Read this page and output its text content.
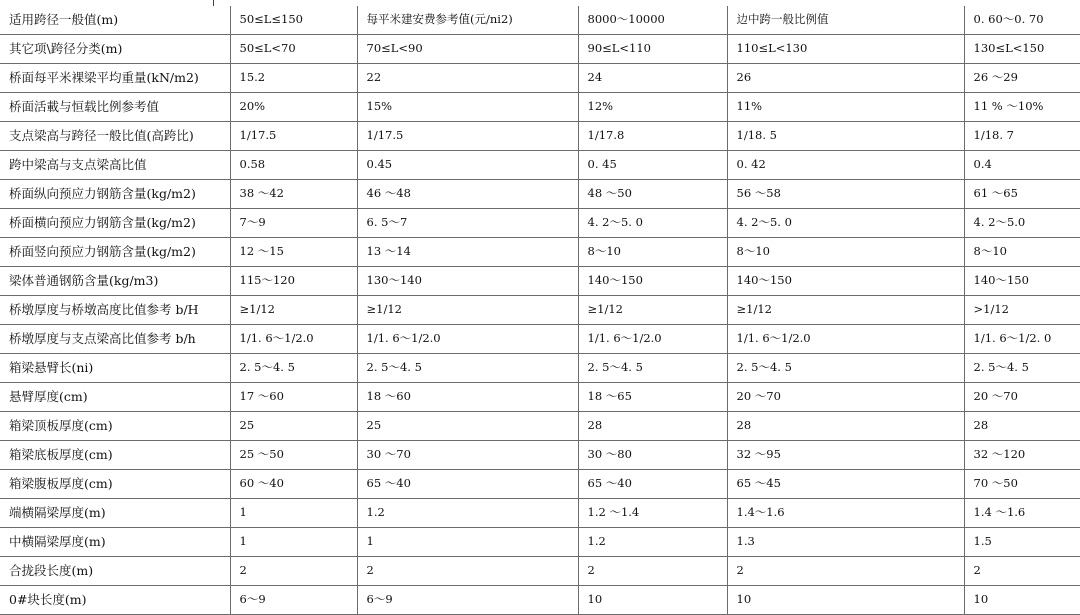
适用跨径一般值(m)	50≤L≤150	每平米建安费参考值(元/ni2)	8000～10000	边中跨一般比例值	0. 60～0. 70
其它项\跨径分类(m)	50≤L<70	70≤L<90	90≤L<110	110≤L<130	130≤L<150
桥面每平米裸梁平均重量(kN/m2)	15.2	22	24	26	26 ～29
桥面活載与恒载比例参考值	20%	15%	12%	11%	11 % ～10%
支点梁高与跨径一般比值(高跨比)	1/17.5	1/17.5	1/17.8	1/18. 5	1/18. 7
跨中梁高与支点梁高比值	0.58	0.45	0. 45	0. 42	0.4
桥面纵向预应力钢筋含量(kg/m2)	38 ～42	46 ～48	48 ～50	56 ～58	61 ～65
桥面横向预应力钢筋含量(kg/m2)	7～9	6. 5～7	4. 2～5. 0	4. 2～5. 0	4. 2～5.0
桥面竖向预应力钢筋含量(kg/m2)	12 ～15	13 ～14	8～10	8～10	8～10
梁体普通钢筋含量(kg/m3)	115～120	130～140	140～150	140～150	140～150
桥墩厚度与桥墩高度比值参考 b/H	≥1/12	≥1/12	≥1/12	≥1/12	>1/12
桥墩厚度与支点梁高比值参考 b/h	1/1. 6～1/2.0	1/1. 6～1/2.0	1/1. 6～1/2.0	1/1. 6～1/2.0	1/1. 6～1/2. 0
箱梁悬臂长(ni)	2. 5～4. 5	2. 5～4. 5	2. 5～4. 5	2. 5～4. 5	2. 5～4. 5
悬臂厚度(cm)	17 ～60	18 ～60	18 ～65	20 ～70	20 ～70
箱梁顶板厚度(cm)	25	25	28	28	28
箱梁底板厚度(cm)	25 ～50	30 ～70	30 ～80	32 ～95	32 ～120
箱梁腹板厚度(cm)	60 ～40	65 ～40	65 ～40	65 ～45	70 ～50
端横隔梁厚度(m)	1	1.2	1.2 ～1.4	1.4～1.6	1.4 ～1.6
中横隔梁厚度(m)	1	1	1.2	1.3	1.5
合拢段长度(m)	2	2	2	2	2
0#块长度(m)	6～9	6～9	10	10	10
